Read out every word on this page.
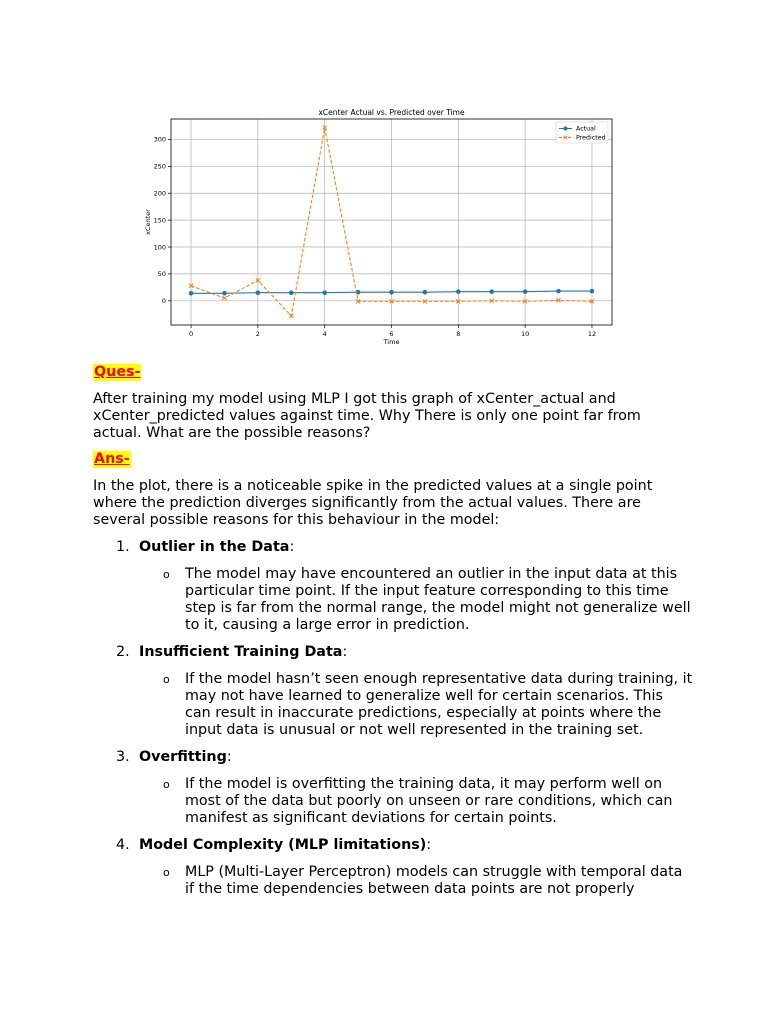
0	2	4	6	8	10	12
0
50
100
150
200
250
300
xCenter Actual vs. Predicted over Time
Time
xCenter
Actual
Predicted
Ques-

After training my model using MLP I got this graph of xCenter_actual and xCenter_predicted values against time. Why There is only one point far from actual. What are the possible reasons?

Ans-

In the plot, there is a noticeable spike in the predicted values at a single point where the prediction diverges significantly from the actual values. There are several possible reasons for this behaviour in the model:

1. Outlier in the Data:
o The model may have encountered an outlier in the input data at this particular time point. If the input feature corresponding to this time step is far from the normal range, the model might not generalize well to it, causing a large error in prediction.
2. Insufficient Training Data:
o If the model hasn’t seen enough representative data during training, it may not have learned to generalize well for certain scenarios. This can result in inaccurate predictions, especially at points where the input data is unusual or not well represented in the training set.
3. Overfitting:
o If the model is overfitting the training data, it may perform well on most of the data but poorly on unseen or rare conditions, which can manifest as significant deviations for certain points.
4. Model Complexity (MLP limitations):
o MLP (Multi-Layer Perceptron) models can struggle with temporal data if the time dependencies between data points are not properly
